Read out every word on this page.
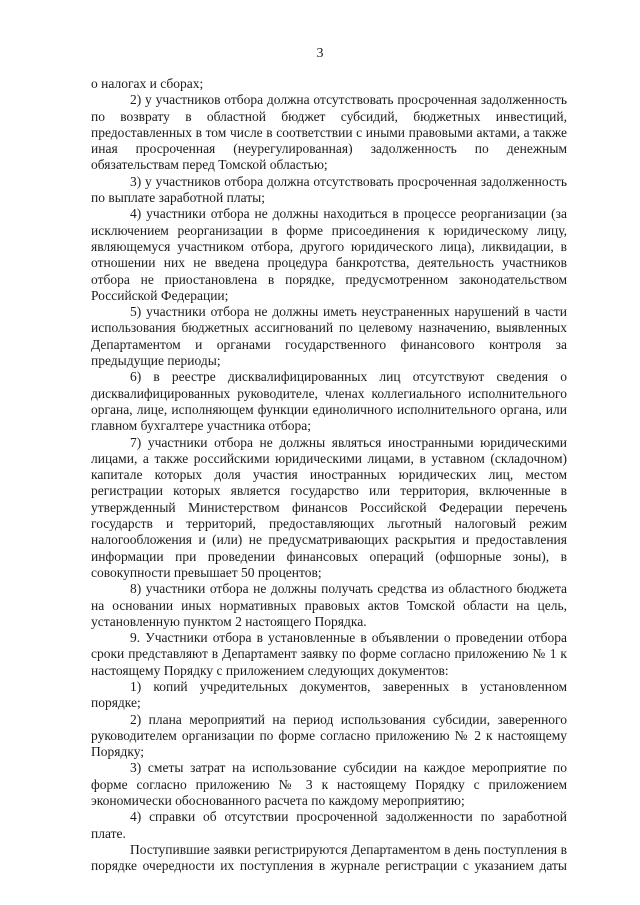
3

о налогах и сборах;

2) у участников отбора должна отсутствовать просроченная задолженность по возврату в областной бюджет субсидий, бюджетных инвестиций, предоставленных в том числе в соответствии с иными правовыми актами, а также иная просроченная (неурегулированная) задолженность по денежным обязательствам перед Томской областью;

3) у участников отбора должна отсутствовать просроченная задолженность по выплате заработной платы;

4) участники отбора не должны находиться в процессе реорганизации (за исключением реорганизации в форме присоединения к юридическому лицу, являющемуся участником отбора, другого юридического лица), ликвидации, в отношении них не введена процедура банкротства, деятельность участников отбора не приостановлена в порядке, предусмотренном законодательством Российской Федерации;

5) участники отбора не должны иметь неустраненных нарушений в части использования бюджетных ассигнований по целевому назначению, выявленных Департаментом и органами государственного финансового контроля за предыдущие периоды;

6) в реестре дисквалифицированных лиц отсутствуют сведения о дисквалифицированных руководителе, членах коллегиального исполнительного органа, лице, исполняющем функции единоличного исполнительного органа, или главном бухгалтере участника отбора;

7) участники отбора не должны являться иностранными юридическими лицами, а также российскими юридическими лицами, в уставном (складочном) капитале которых доля участия иностранных юридических лиц, местом регистрации которых является государство или территория, включенные в утвержденный Министерством финансов Российской Федерации перечень государств и территорий, предоставляющих льготный налоговый режим налогообложения и (или) не предусматривающих раскрытия и предоставления информации при проведении финансовых операций (офшорные зоны), в совокупности превышает 50 процентов;

8) участники отбора не должны получать средства из областного бюджета на основании иных нормативных правовых актов Томской области на цель, установленную пунктом 2 настоящего Порядка.

9. Участники отбора в установленные в объявлении о проведении отбора сроки представляют в Департамент заявку по форме согласно приложению № 1 к настоящему Порядку с приложением следующих документов:

1) копий учредительных документов, заверенных в установленном порядке;

2) плана мероприятий на период использования субсидии, заверенного руководителем организации по форме согласно приложению № 2 к настоящему Порядку;

3) сметы затрат на использование субсидии на каждое мероприятие по форме согласно приложению № 3 к настоящему Порядку с приложением экономически обоснованного расчета по каждому мероприятию;

4) справки об отсутствии просроченной задолженности по заработной плате.

Поступившие заявки регистрируются Департаментом в день поступления в порядке очередности их поступления в журнале регистрации с указанием даты
